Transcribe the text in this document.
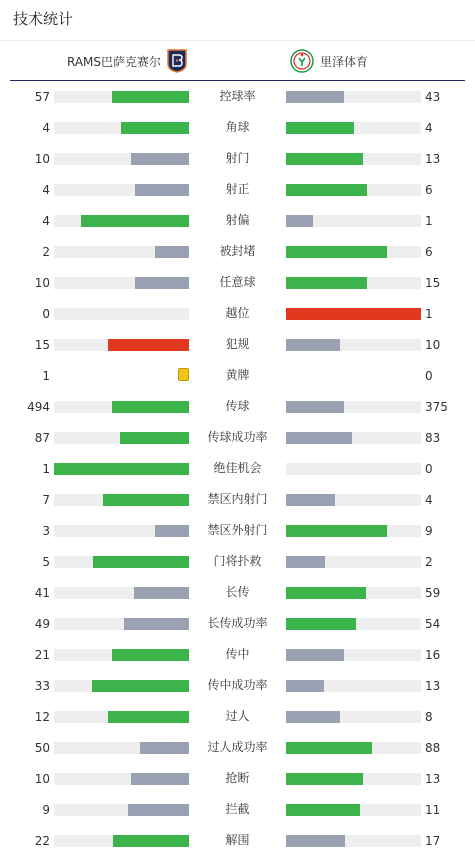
技术统计
RAMS巴萨克赛尔	里泽体育
57	控球率	43
4	角球	4
10	射门	13
4	射正	6
4	射偏	1
2	被封堵	6
10	任意球	15
0	越位	1
15	犯规	10
1	黄牌	0
494	传球	375
87	传球成功率	83
1	绝佳机会	0
7	禁区内射门	4
3	禁区外射门	9
5	门将扑救	2
41	长传	59
49	长传成功率	54
21	传中	16
33	传中成功率	13
12	过人	8
50	过人成功率	88
10	抢断	13
9	拦截	11
22	解围	17
